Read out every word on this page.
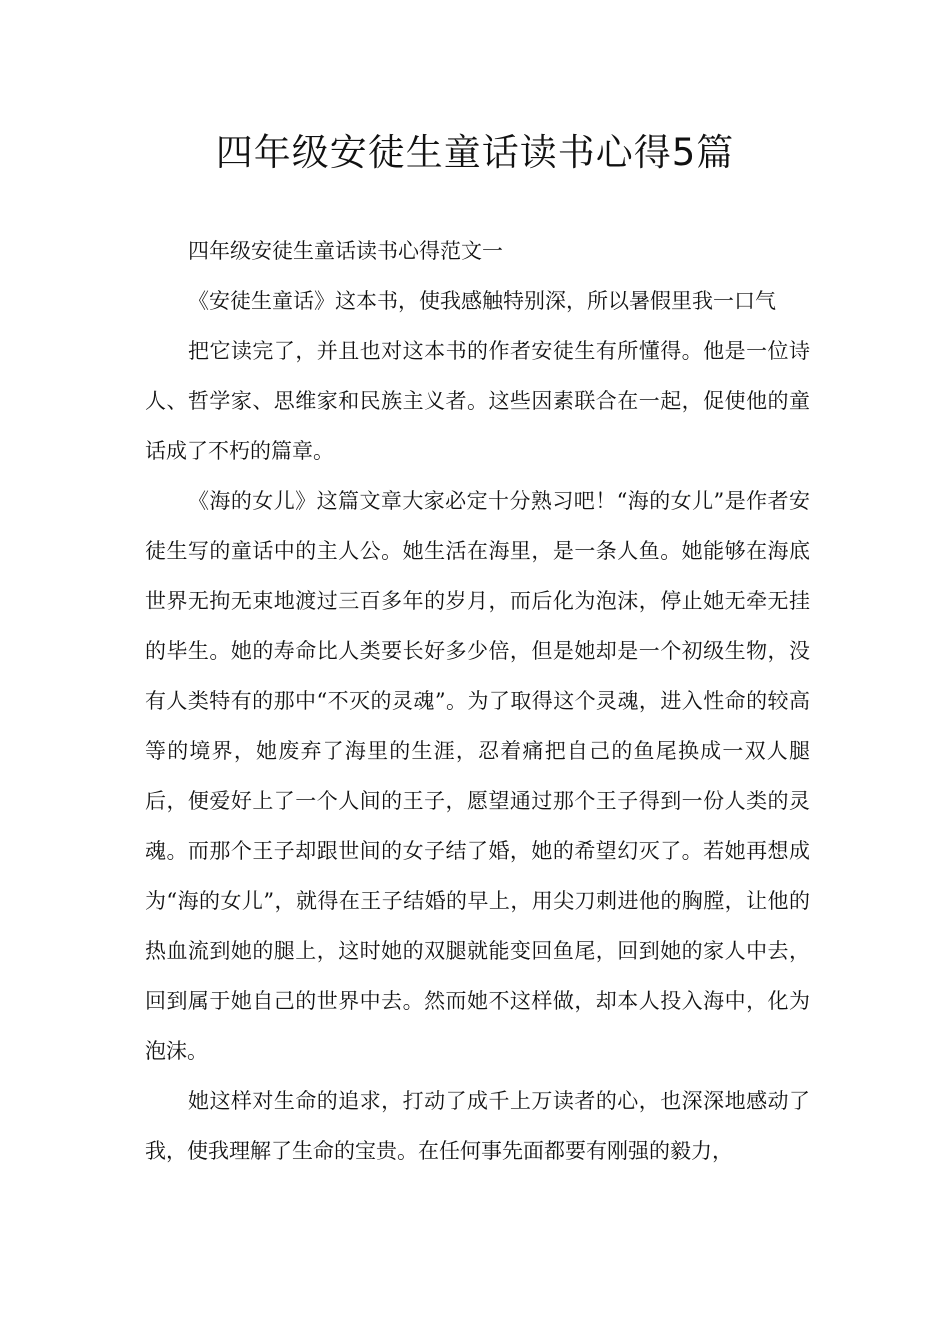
四年级安徒生童话读书心得5篇

四年级安徒生童话读书心得范文一

《安徒生童话》这本书，使我感触特别深，所以暑假里我一口气

把它读完了，并且也对这本书的作者安徒生有所懂得。他是一位诗人、哲学家、思维家和民族主义者。这些因素联合在一起，促使他的童话成了不朽的篇章。

《海的女儿》这篇文章大家必定十分熟习吧！“海的女儿”是作者安徒生写的童话中的主人公。她生活在海里，是一条人鱼。她能够在海底世界无拘无束地渡过三百多年的岁月，而后化为泡沫，停止她无牵无挂的毕生。她的寿命比人类要长好多少倍，但是她却是一个初级生物，没有人类特有的那中“不灭的灵魂”。为了取得这个灵魂，进入性命的较高等的境界，她废弃了海里的生涯，忍着痛把自己的鱼尾换成一双人腿后，便爱好上了一个人间的王子，愿望通过那个王子得到一份人类的灵魂。而那个王子却跟世间的女子结了婚，她的希望幻灭了。若她再想成为“海的女儿”，就得在王子结婚的早上，用尖刀刺进他的胸膛，让他的热血流到她的腿上，这时她的双腿就能变回鱼尾，回到她的家人中去，回到属于她自己的世界中去。然而她不这样做，却本人投入海中，化为泡沫。

她这样对生命的追求，打动了成千上万读者的心，也深深地感动了我，使我理解了生命的宝贵。在任何事先面都要有刚强的毅力，
